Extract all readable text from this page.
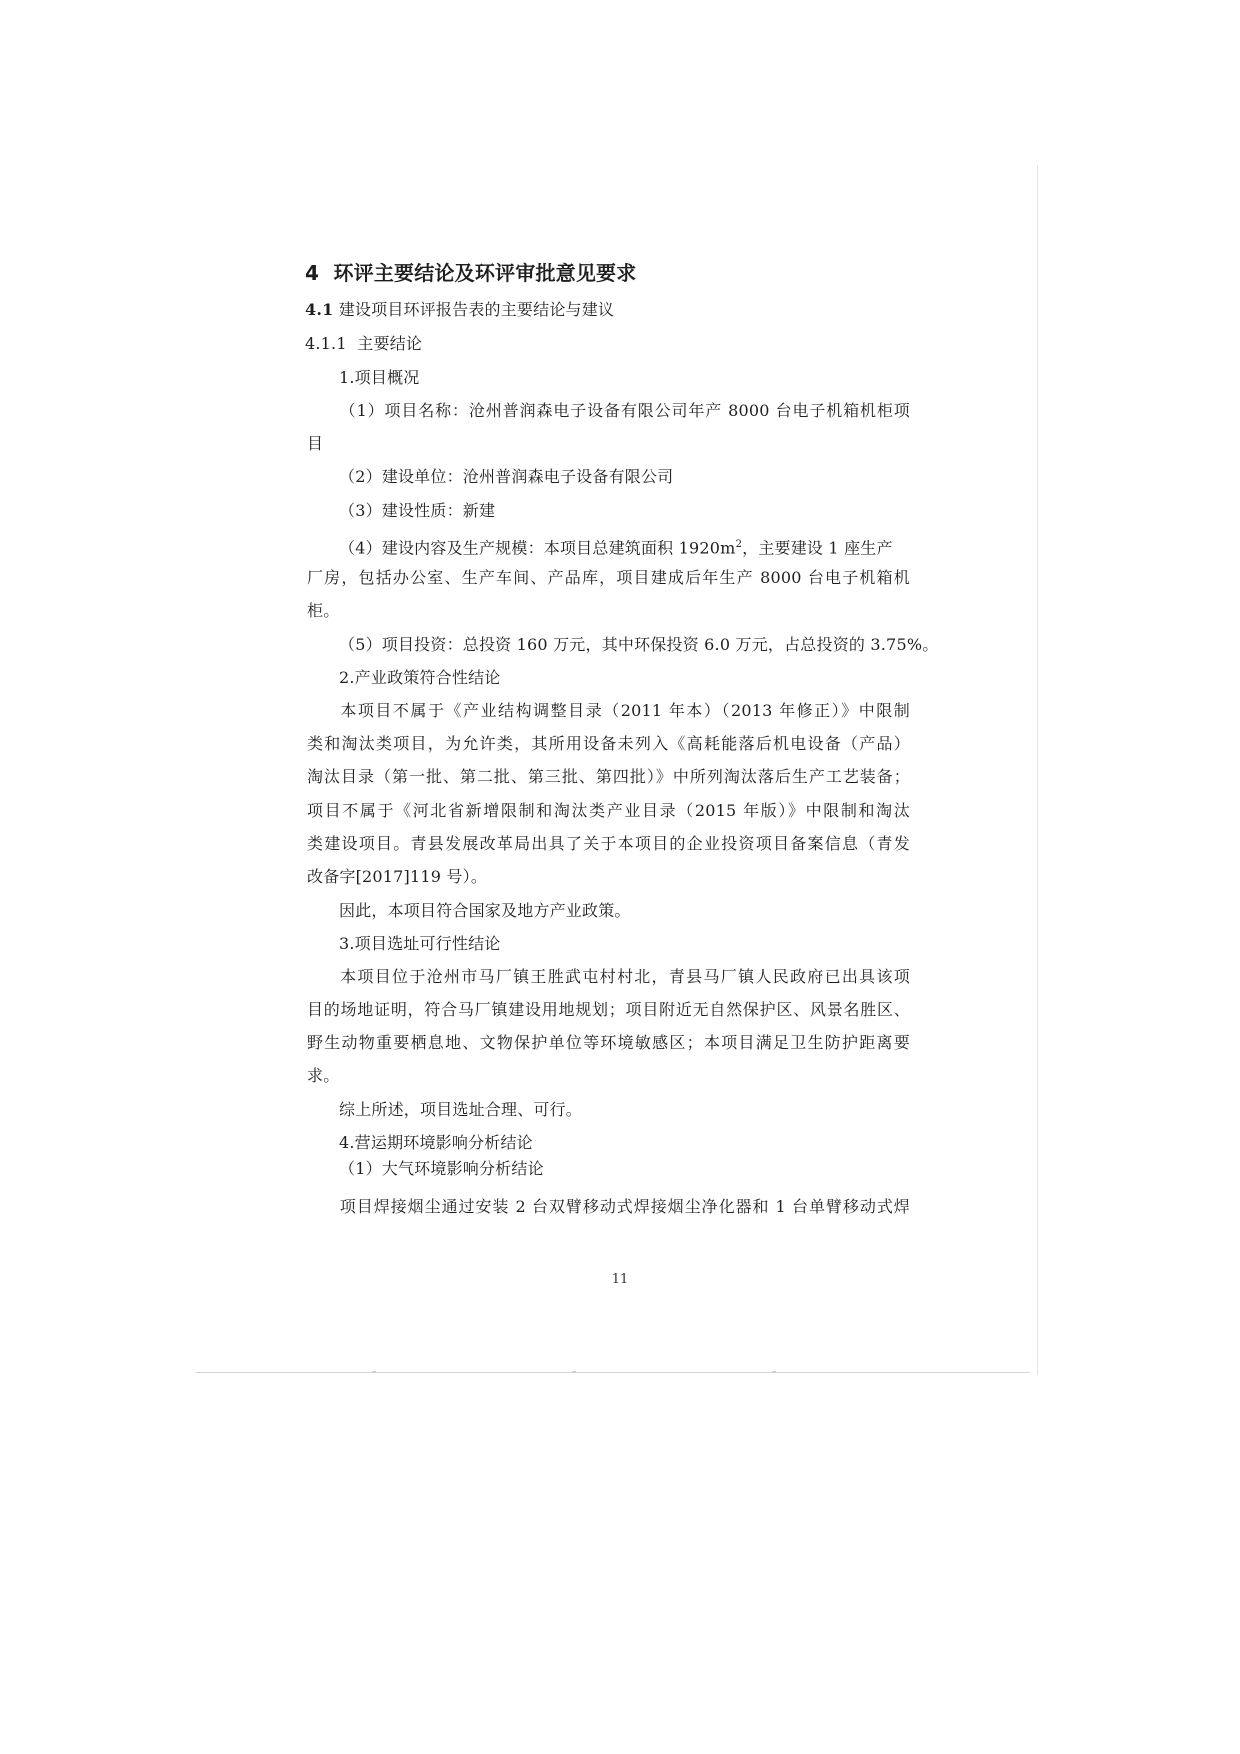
4 环评主要结论及环评审批意见要求
4.1 建设项目环评报告表的主要结论与建议
4.1.1 主要结论
1.项目概况
（1）项目名称：沧州普润森电子设备有限公司年产 8000 台电子机箱机柜项
目
（2）建设单位：沧州普润森电子设备有限公司
（3）建设性质：新建
（4）建设内容及生产规模：本项目总建筑面积 $1920m^2$，主要建设 1 座生产
厂房，包括办公室、生产车间、产品库，项目建成后年生产 8000 台电子机箱机
柜。
（5）项目投资：总投资 160 万元，其中环保投资 6.0 万元，占总投资的 3.75%。
2.产业政策符合性结论
本项目不属于《产业结构调整目录（2011 年本）（2013 年修正）》中限制
类和淘汰类项目，为允许类，其所用设备未列入《高耗能落后机电设备（产品）
淘汰目录（第一批、第二批、第三批、第四批）》中所列淘汰落后生产工艺装备；
项目不属于《河北省新增限制和淘汰类产业目录（2015 年版）》中限制和淘汰
类建设项目。青县发展改革局出具了关于本项目的企业投资项目备案信息（青发
改备字[2017]119 号）。
因此，本项目符合国家及地方产业政策。
3.项目选址可行性结论
本项目位于沧州市马厂镇王胜武屯村村北，青县马厂镇人民政府已出具该项
目的场地证明，符合马厂镇建设用地规划；项目附近无自然保护区、风景名胜区、
野生动物重要栖息地、文物保护单位等环境敏感区；本项目满足卫生防护距离要
求。
综上所述，项目选址合理、可行。
4.营运期环境影响分析结论
（1）大气环境影响分析结论
项目焊接烟尘通过安装 2 台双臂移动式焊接烟尘净化器和 1 台单臂移动式焊
11
